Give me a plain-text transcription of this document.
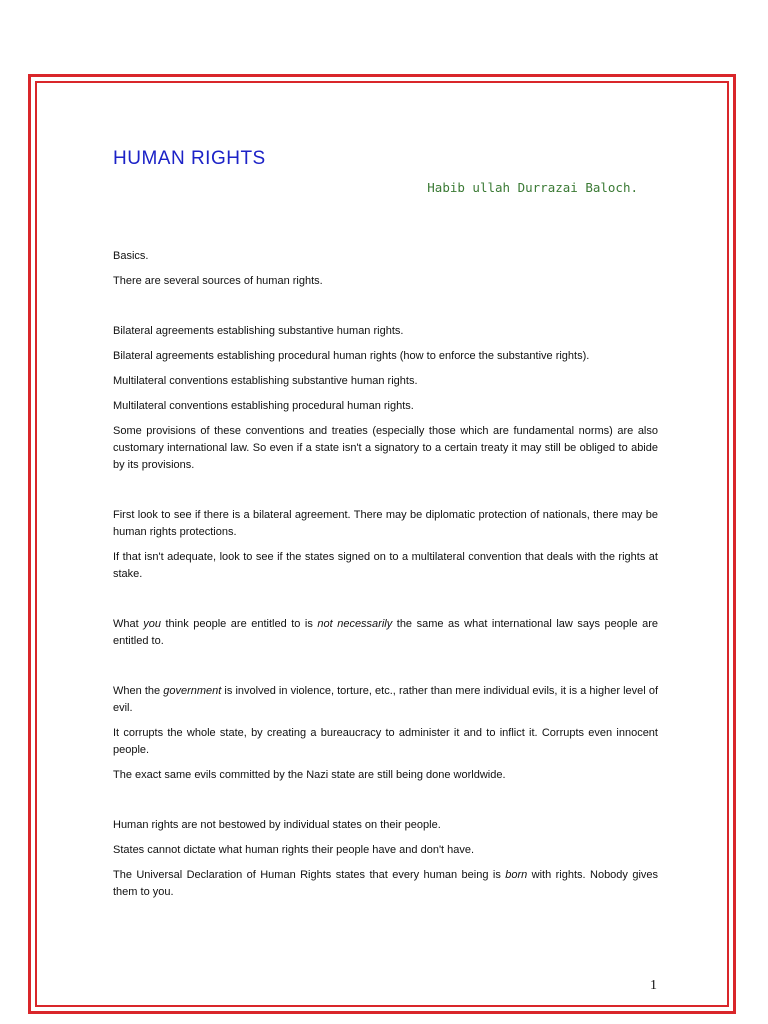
HUMAN RIGHTS
Habib ullah Durrazai Baloch.

Basics.

There are several sources of human rights.

Bilateral agreements establishing substantive human rights.

Bilateral agreements establishing procedural human rights (how to enforce the substantive rights).

Multilateral conventions establishing substantive human rights.

Multilateral conventions establishing procedural human rights.

Some provisions of these conventions and treaties (especially those which are fundamental norms) are also customary international law. So even if a state isn't a signatory to a certain treaty it may still be obliged to abide by its provisions.

First look to see if there is a bilateral agreement. There may be diplomatic protection of nationals, there may be human rights protections.

If that isn't adequate, look to see if the states signed on to a multilateral convention that deals with the rights at stake.

What you think people are entitled to is not necessarily the same as what international law says people are entitled to.

When the government is involved in violence, torture, etc., rather than mere individual evils, it is a higher level of evil.

It corrupts the whole state, by creating a bureaucracy to administer it and to inflict it. Corrupts even innocent people.

The exact same evils committed by the Nazi state are still being done worldwide.

Human rights are not bestowed by individual states on their people.

States cannot dictate what human rights their people have and don't have.

The Universal Declaration of Human Rights states that every human being is born with rights. Nobody gives them to you.

1
